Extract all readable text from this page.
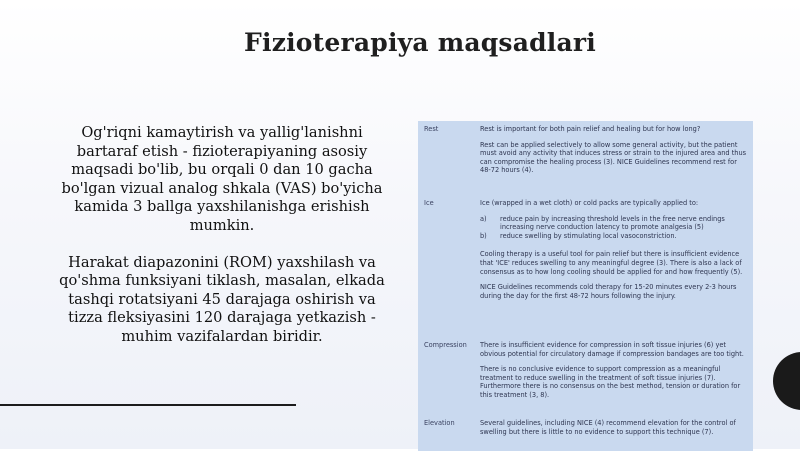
Fizioterapiya maqsadlari

Og'riqni kamaytirish va yallig'lanishni bartaraf etish - fizioterapiyaning asosiy maqsadi bo'lib, bu orqali 0 dan 10 gacha bo'lgan vizual analog shkala (VAS) bo'yicha kamida 3 ballga yaxshilanishga erishish mumkin.

Harakat diapazonini (ROM) yaxshilash va qo'shma funksiyani tiklash, masalan, elkada tashqi rotatsiyani 45 darajaga oshirish va tizza fleksiyasini 120 darajaga yetkazish - muhim vazifalardan biridir.

Rest	Rest is important for both pain relief and healing but for how long?

Rest can be applied selectively to allow some general activity, but the patient must avoid any activity that induces stress or strain to the injured area and thus can compromise the healing process (3). NICE Guidelines recommend rest for 48-72 hours (4).

Ice	Ice (wrapped in a wet cloth) or cold packs are typically applied to:

a)	reduce pain by increasing threshold levels in the free nerve endings increasing nerve conduction latency to promote analgesia (5)
b)	reduce swelling by stimulating local vasoconstriction.

Cooling therapy is a useful tool for pain relief but there is insufficient evidence that 'ICE' reduces swelling to any meaningful degree (3). There is also a lack of consensus as to how long cooling should be applied for and how frequently (5).

NICE Guidelines recommends cold therapy for 15-20 minutes every 2-3 hours during the day for the first 48-72 hours following the injury.

Compression	There is insufficient evidence for compression in soft tissue injuries (6) yet obvious potential for circulatory damage if compression bandages are too tight.

There is no conclusive evidence to support compression as a meaningful treatment to reduce swelling in the treatment of soft tissue injuries (7). Furthermore there is no consensus on the best method, tension or duration for this treatment (3, 8).

Elevation	Several guidelines, including NICE (4) recommend elevation for the control of swelling but there is little to no evidence to support this technique (7).
